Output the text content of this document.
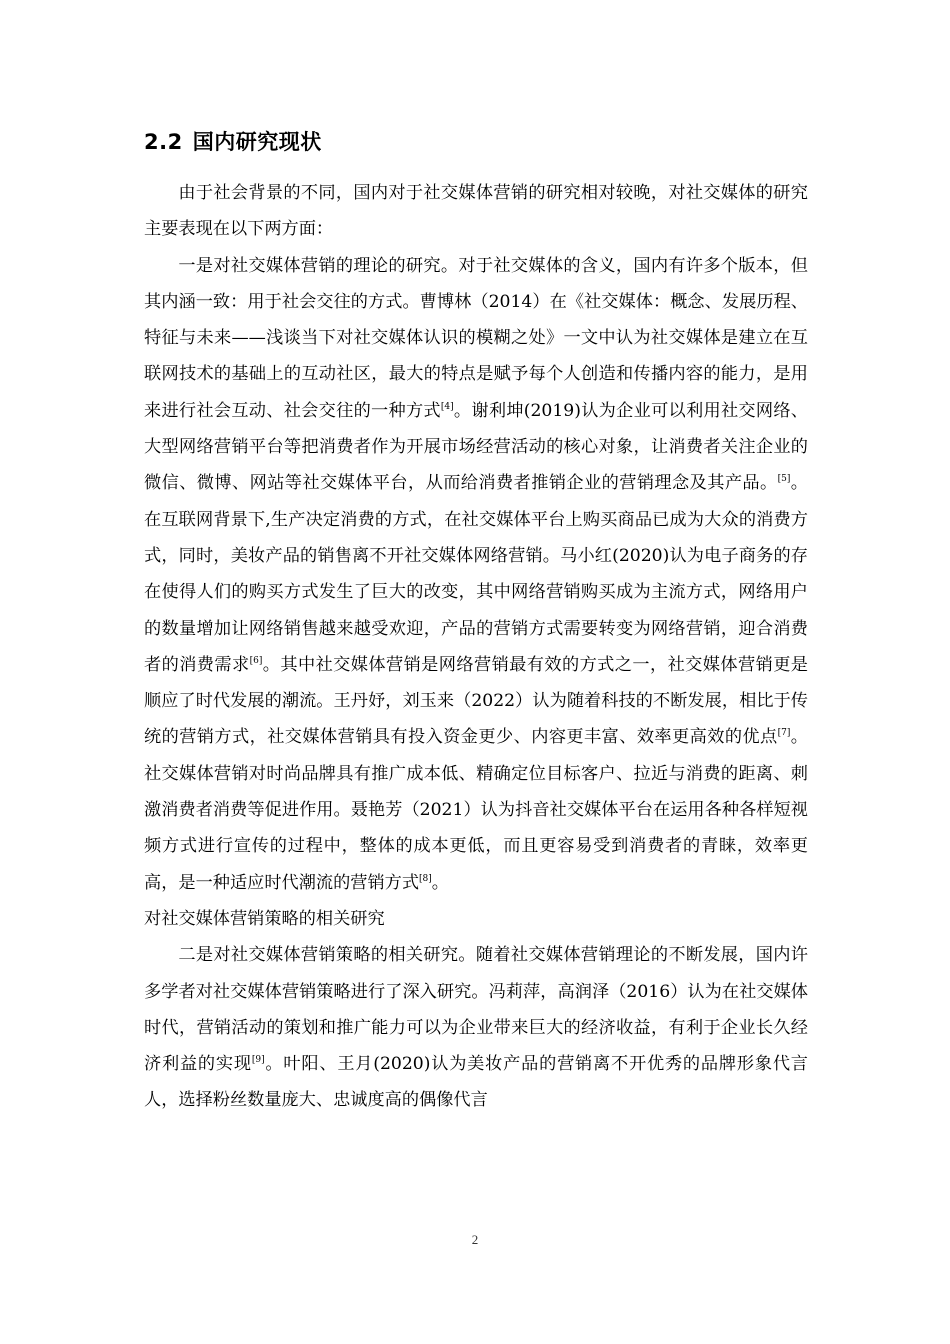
2.2 国内研究现状

由于社会背景的不同，国内对于社交媒体营销的研究相对较晚，对社交媒体的研究主要表现在以下两方面：

一是对社交媒体营销的理论的研究。对于社交媒体的含义，国内有许多个版本，但其内涵一致：用于社会交往的方式。曹博林（2014）在《社交媒体：概念、发展历程、特征与未来——浅谈当下对社交媒体认识的模糊之处》一文中认为社交媒体是建立在互联网技术的基础上的互动社区，最大的特点是赋予每个人创造和传播内容的能力，是用来进行社会互动、社会交往的一种方式[4]。谢利坤(2019)认为企业可以利用社交网络、大型网络营销平台等把消费者作为开展市场经营活动的核心对象，让消费者关注企业的微信、微博、网站等社交媒体平台，从而给消费者推销企业的营销理念及其产品。[5]。在互联网背景下,生产决定消费的方式，在社交媒体平台上购买商品已成为大众的消费方式，同时，美妆产品的销售离不开社交媒体网络营销。马小红(2020)认为电子商务的存在使得人们的购买方式发生了巨大的改变，其中网络营销购买成为主流方式，网络用户的数量增加让网络销售越来越受欢迎，产品的营销方式需要转变为网络营销，迎合消费者的消费需求[6]。其中社交媒体营销是网络营销最有效的方式之一，社交媒体营销更是顺应了时代发展的潮流。王丹妤，刘玉来（2022）认为随着科技的不断发展，相比于传统的营销方式，社交媒体营销具有投入资金更少、内容更丰富、效率更高效的优点[7]。社交媒体营销对时尚品牌具有推广成本低、精确定位目标客户、拉近与消费的距离、刺激消费者消费等促进作用。聂艳芳（2021）认为抖音社交媒体平台在运用各种各样短视频方式进行宣传的过程中，整体的成本更低，而且更容易受到消费者的青睐，效率更高，是一种适应时代潮流的营销方式[8]。

对社交媒体营销策略的相关研究

二是对社交媒体营销策略的相关研究。随着社交媒体营销理论的不断发展，国内许多学者对社交媒体营销策略进行了深入研究。冯莉萍，高润泽（2016）认为在社交媒体时代，营销活动的策划和推广能力可以为企业带来巨大的经济收益，有利于企业长久经济利益的实现[9]。叶阳、王月(2020)认为美妆产品的营销离不开优秀的品牌形象代言人，选择粉丝数量庞大、忠诚度高的偶像代言

2
